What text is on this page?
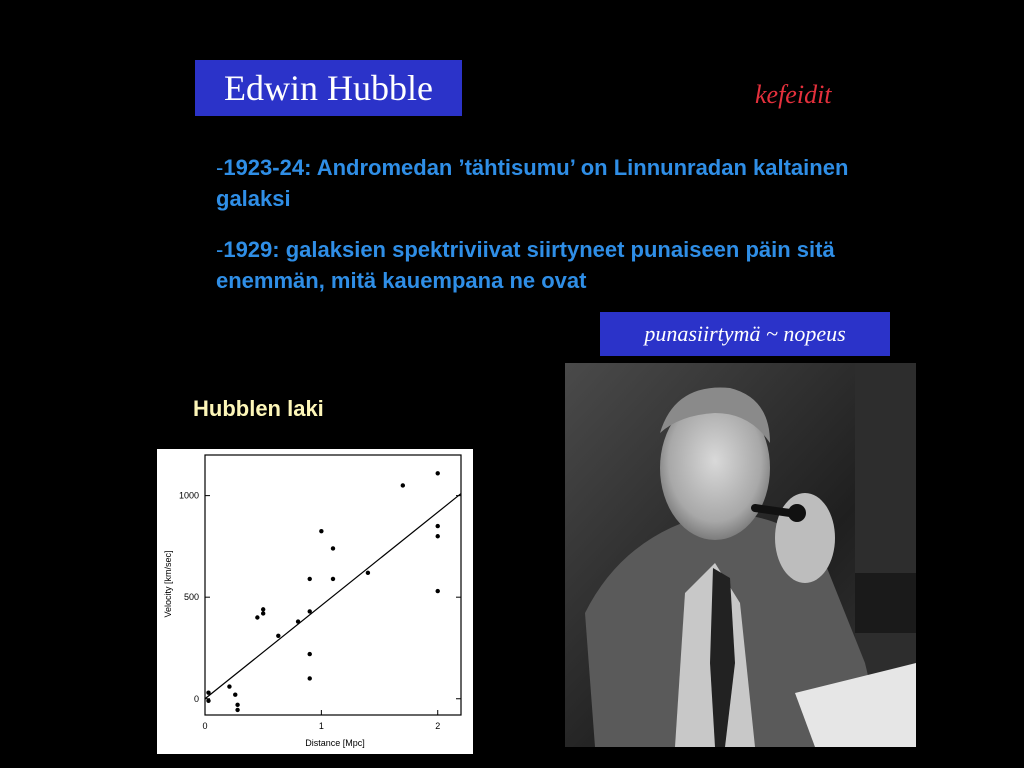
Edwin Hubble	kefeidit
-1923-24: Andromedan ’tähtisumu’ on Linnunradan kaltainen galaksi
-1929: galaksien spektriviivat siirtyneet punaiseen päin sitä enemmän, mitä kauempana ne ovat
punasiirtymä ~ nopeus
Hubblen laki
0	1	2
0
500
1000
Velocity [km/sec]
Distance [Mpc]
